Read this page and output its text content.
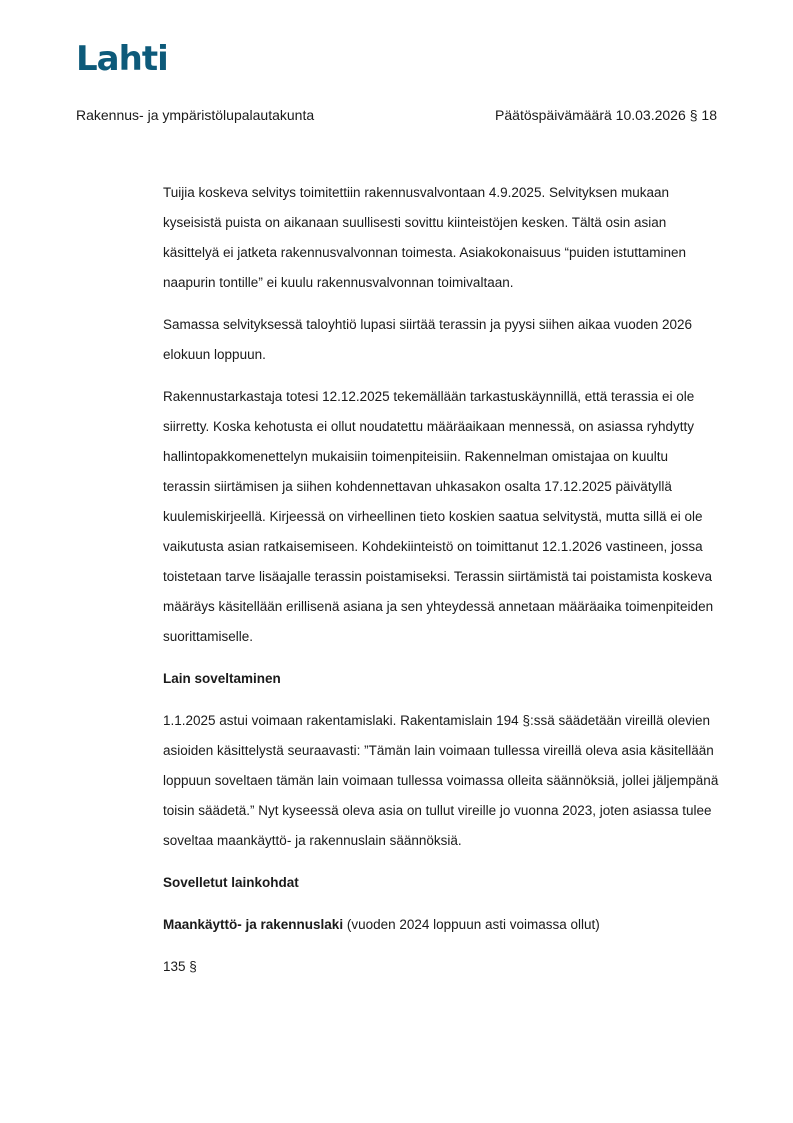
Lahti
Rakennus- ja ympäristölupalautakunta	Päätöspäivämäärä 10.03.2026 § 18

Tuijia koskeva selvitys toimitettiin rakennusvalvontaan 4.9.2025. Selvityksen mukaan kyseisistä puista on aikanaan suullisesti sovittu kiinteistöjen kesken. Tältä osin asian käsittelyä ei jatketa rakennusvalvonnan toimesta. Asiakokonaisuus “puiden istuttaminen naapurin tontille” ei kuulu rakennusvalvonnan toimivaltaan.

Samassa selvityksessä taloyhtiö lupasi siirtää terassin ja pyysi siihen aikaa vuoden 2026 elokuun loppuun.

Rakennustarkastaja totesi 12.12.2025 tekemällään tarkastuskäynnillä, että terassia ei ole siirretty. Koska kehotusta ei ollut noudatettu määräaikaan mennessä, on asiassa ryhdytty hallintopakkomenettelyn mukaisiin toimenpiteisiin. Rakennelman omistajaa on kuultu terassin siirtämisen ja siihen kohdennettavan uhkasakon osalta 17.12.2025 päivätyllä kuulemiskirjeellä. Kirjeessä on virheellinen tieto koskien saatua selvitystä, mutta sillä ei ole vaikutusta asian ratkaisemiseen. Kohdekiinteistö on toimittanut 12.1.2026 vastineen, jossa toistetaan tarve lisäajalle terassin poistamiseksi. Terassin siirtämistä tai poistamista koskeva määräys käsitellään erillisenä asiana ja sen yhteydessä annetaan määräaika toimenpiteiden suorittamiselle.

Lain soveltaminen

1.1.2025 astui voimaan rakentamislaki. Rakentamislain 194 §:ssä säädetään vireillä olevien asioiden käsittelystä seuraavasti: ”Tämän lain voimaan tullessa vireillä oleva asia käsitellään loppuun soveltaen tämän lain voimaan tullessa voimassa olleita säännöksiä, jollei jäljempänä toisin säädetä.” Nyt kyseessä oleva asia on tullut vireille jo vuonna 2023, joten asiassa tulee soveltaa maankäyttö- ja rakennuslain säännöksiä.

Sovelletut lainkohdat

Maankäyttö- ja rakennuslaki (vuoden 2024 loppuun asti voimassa ollut)

135 §
